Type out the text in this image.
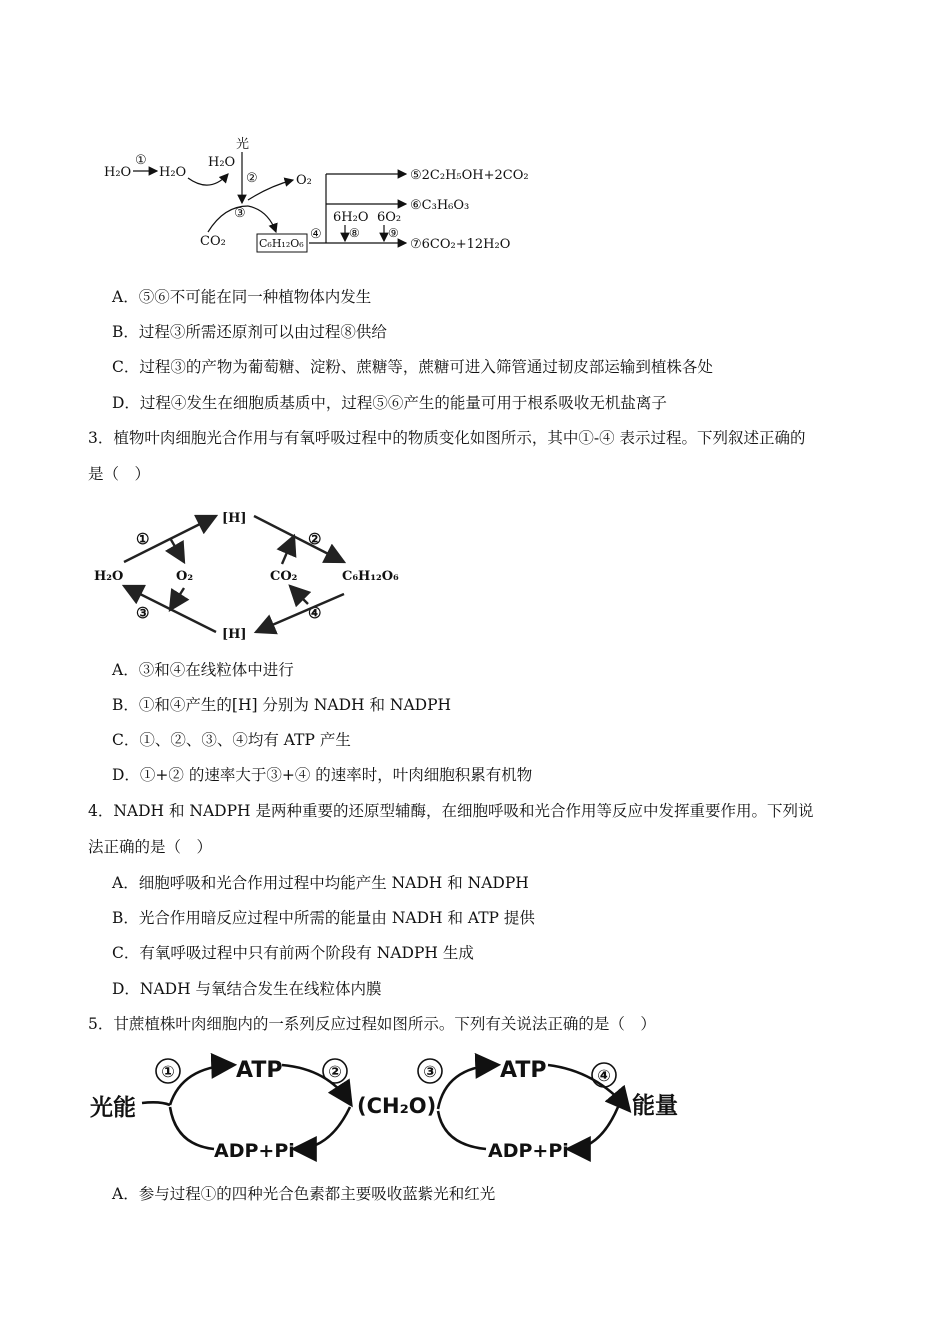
H₂O
①
H₂O
H₂O
光
②	O₂
③
CO₂	C₆H₁₂O₆
④
⑤2C₂H₅OH+2CO₂
⑥C₃H₆O₃
6H₂O 6O₂
⑧ ⑨
⑦6CO₂+12H₂O
A．⑤⑥不可能在同一种植物体内发生
B．过程③所需还原剂可以由过程⑧供给
C．过程③的产物为葡萄糖、淀粉、蔗糖等，蔗糖可进入筛管通过韧皮部运输到植株各处
D．过程④发生在细胞质基质中，过程⑤⑥产生的能量可用于根系吸收无机盐离子
3．植物叶肉细胞光合作用与有氧呼吸过程中的物质变化如图所示，其中①-④ 表示过程。下列叙述正确的
是（　）
H₂O
[H]
O₂	CO₂	C₆H₁₂O₆
[H]
①	②
③	④
A．③和④在线粒体中进行
B．①和④产生的[H] 分别为 NADH 和 NADPH
C．①、②、③、④均有 ATP 产生
D．①+② 的速率大于③+④ 的速率时，叶肉细胞积累有机物
4．NADH 和 NADPH 是两种重要的还原型辅酶，在细胞呼吸和光合作用等反应中发挥重要作用。下列说
法正确的是（　）
A．细胞呼吸和光合作用过程中均能产生 NADH 和 NADPH
B．光合作用暗反应过程中所需的能量由 NADH 和 ATP 提供
C．有氧呼吸过程中只有前两个阶段有 NADPH 生成
D．NADH 与氧结合发生在线粒体内膜
5．甘蔗植株叶肉细胞内的一系列反应过程如图所示。下列有关说法正确的是（　）
光能
ATP
ADP+Pi
(CH₂O)
ATP
ADP+Pi
能量
①	②	③	④
A．参与过程①的四种光合色素都主要吸收蓝紫光和红光
